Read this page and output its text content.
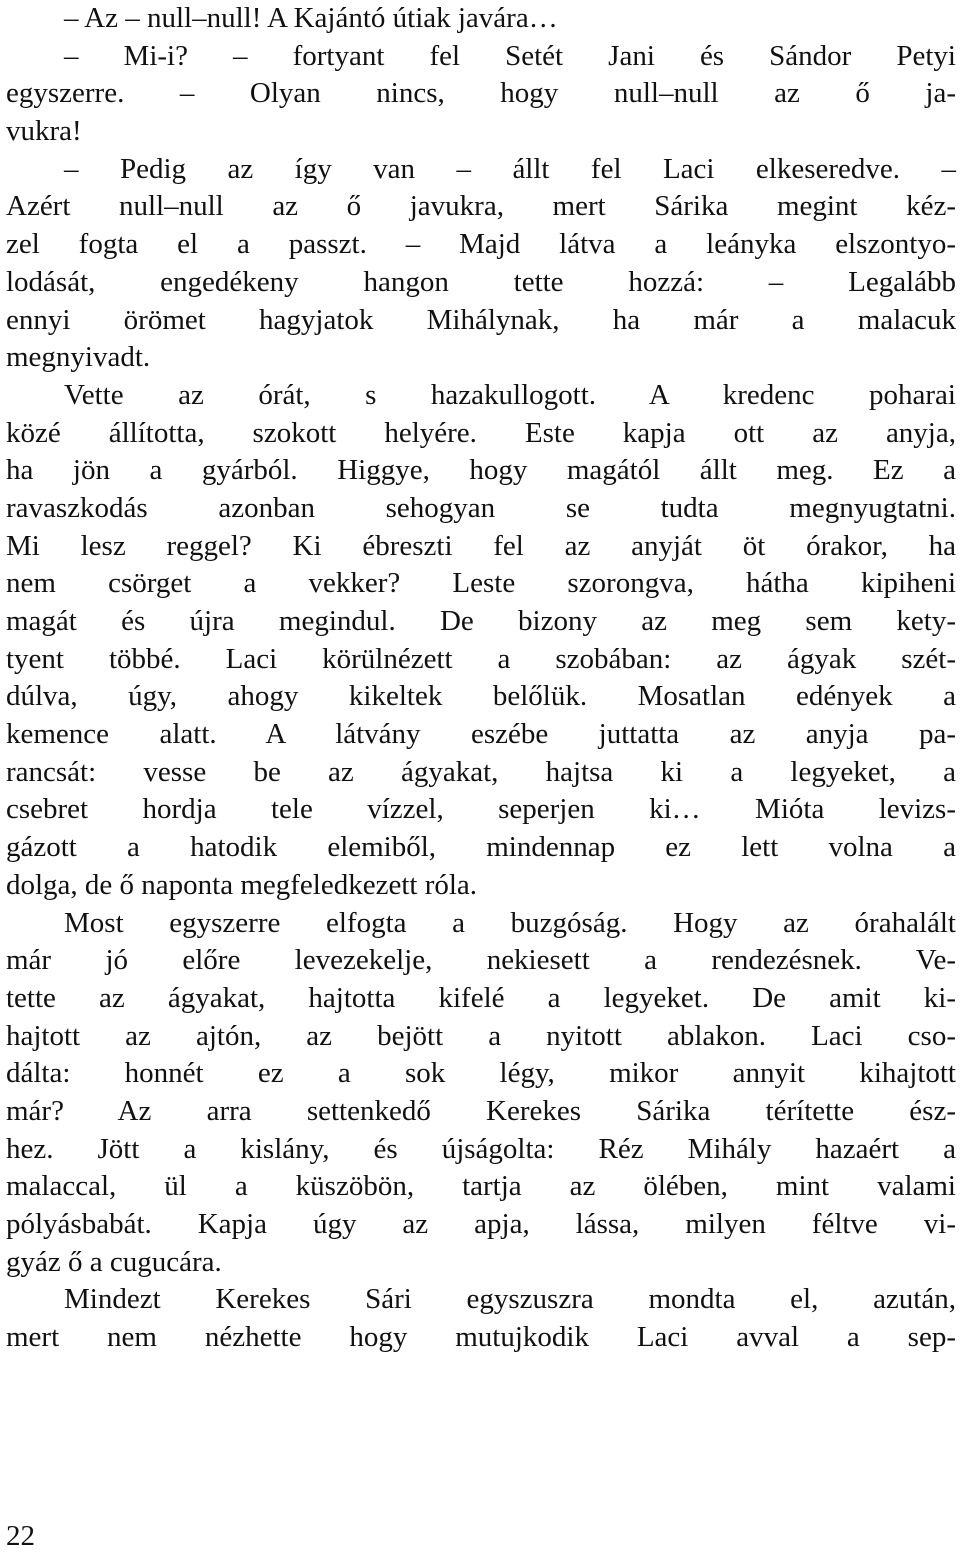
– Az – null–null! A Kajántó útiak javára…
– Mi-i? – fortyant fel Setét Jani és Sándor Petyi
egyszerre. – Olyan nincs, hogy null–null az ő ja-
vukra!
– Pedig az így van – állt fel Laci elkeseredve. –
Azért null–null az ő javukra, mert Sárika megint kéz-
zel fogta el a passzt. – Majd látva a leányka elszontyo-
lodását, engedékeny hangon tette hozzá: – Legalább
ennyi örömet hagyjatok Mihálynak, ha már a malacuk
megnyivadt.
Vette az órát, s hazakullogott. A kredenc poharai
közé állította, szokott helyére. Este kapja ott az anyja,
ha jön a gyárból. Higgye, hogy magától állt meg. Ez a
ravaszkodás azonban sehogyan se tudta megnyugtatni.
Mi lesz reggel? Ki ébreszti fel az anyját öt órakor, ha
nem csörget a vekker? Leste szorongva, hátha kipiheni
magát és újra megindul. De bizony az meg sem kety-
tyent többé. Laci körülnézett a szobában: az ágyak szét-
dúlva, úgy, ahogy kikeltek belőlük. Mosatlan edények a
kemence alatt. A látvány eszébe juttatta az anyja pa-
rancsát: vesse be az ágyakat, hajtsa ki a legyeket, a
csebret hordja tele vízzel, seperjen ki… Mióta levizs-
gázott a hatodik elemiből, mindennap ez lett volna a
dolga, de ő naponta megfeledkezett róla.
Most egyszerre elfogta a buzgóság. Hogy az órahalált
már jó előre levezekelje, nekiesett a rendezésnek. Ve-
tette az ágyakat, hajtotta kifelé a legyeket. De amit ki-
hajtott az ajtón, az bejött a nyitott ablakon. Laci cso-
dálta: honnét ez a sok légy, mikor annyit kihajtott
már? Az arra settenkedő Kerekes Sárika térítette ész-
hez. Jött a kislány, és újságolta: Réz Mihály hazaért a
malaccal, ül a küszöbön, tartja az ölében, mint valami
pólyásbabát. Kapja úgy az apja, lássa, milyen féltve vi-
gyáz ő a cugucára.
Mindezt Kerekes Sári egyszuszra mondta el, azután,
mert nem nézhette hogy mutujkodik Laci avval a sep-
22
